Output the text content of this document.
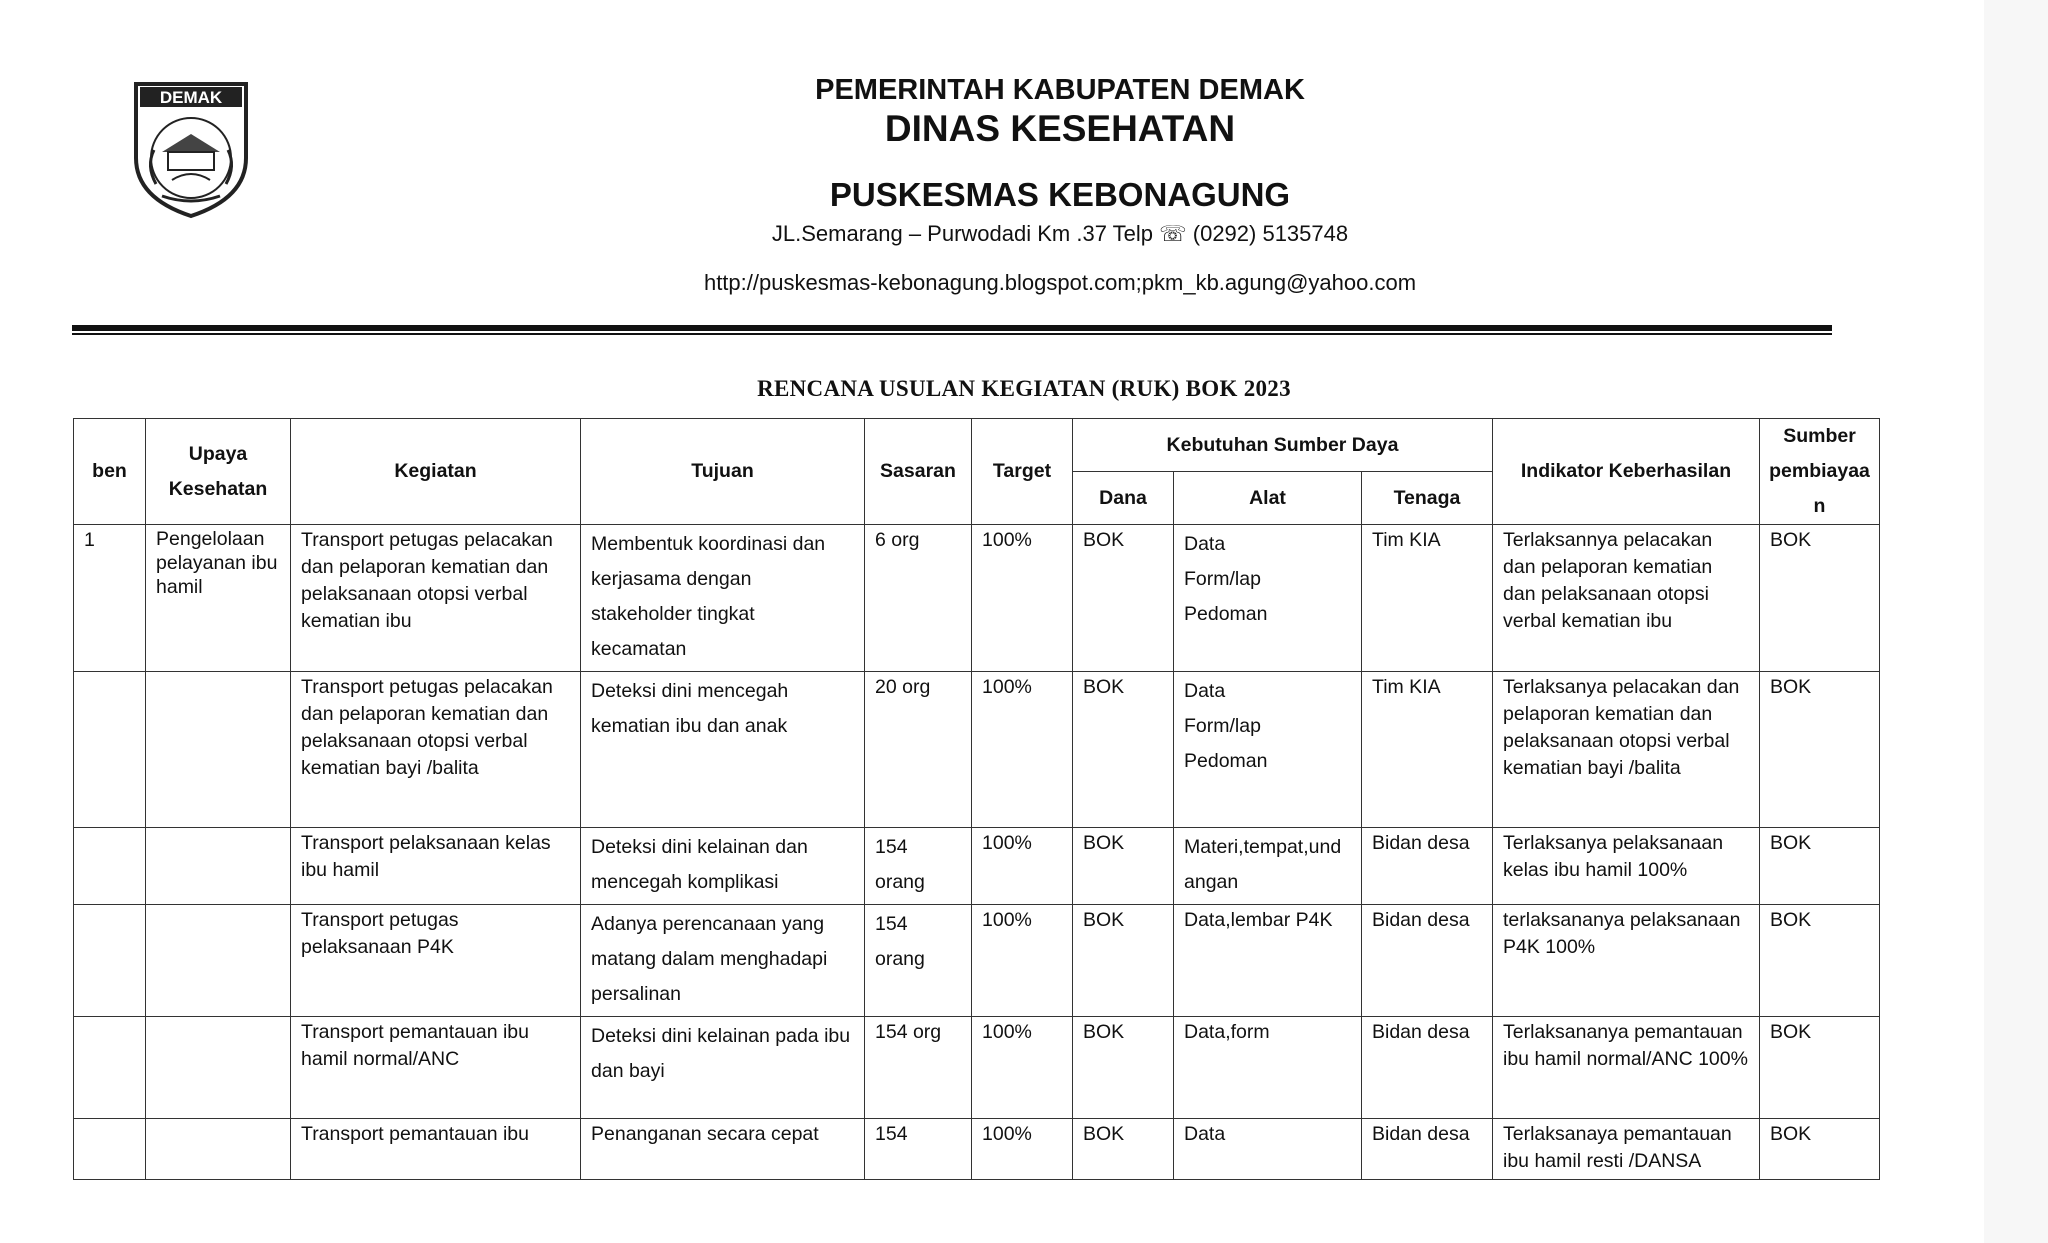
DEMAK	PEMERINTAH KABUPATEN DEMAK
DINAS KESEHATAN
PUSKESMAS KEBONAGUNG
JL.Semarang – Purwodadi Km .37 Telp ☏ (0292) 5135748
http://puskesmas-kebonagung.blogspot.com;pkm_kb.agung@yahoo.com
RENCANA USULAN KEGIATAN (RUK) BOK 2023
ben	Upaya Kesehatan	Kegiatan	Tujuan	Sasaran	Target	Kebutuhan Sumber Daya			Indikator Keberhasilan	Sumber pembiayaa n
						Dana	Alat	Tenaga		
1	Pengelolaan pelayanan ibu hamil	Transport petugas pelacakan dan pelaporan kematian dan pelaksanaan otopsi verbal kematian ibu	Membentuk koordinasi dan kerjasama dengan stakeholder tingkat kecamatan	6 org	100%	BOK	Data Form/lap Pedoman	Tim KIA	Terlaksannya pelacakan dan pelaporan kematian dan pelaksanaan otopsi verbal kematian ibu	BOK
		Transport petugas pelacakan dan pelaporan kematian dan pelaksanaan otopsi verbal kematian bayi /balita	Deteksi dini mencegah kematian ibu dan anak	20 org	100%	BOK	Data Form/lap Pedoman	Tim KIA	Terlaksanya pelacakan dan pelaporan kematian dan pelaksanaan otopsi verbal kematian bayi /balita	BOK
		Transport pelaksanaan kelas ibu hamil	Deteksi dini kelainan dan mencegah komplikasi	154 orang	100%	BOK	Materi,tempat,und angan	Bidan desa	Terlaksanya pelaksanaan kelas ibu hamil 100%	BOK
		Transport petugas pelaksanaan P4K	Adanya perencanaan yang matang dalam menghadapi persalinan	154 orang	100%	BOK	Data,lembar P4K	Bidan desa	terlaksananya pelaksanaan P4K 100%	BOK
		Transport pemantauan ibu hamil normal/ANC	Deteksi dini kelainan pada ibu dan bayi	154 org	100%	BOK	Data,form	Bidan desa	Terlaksananya pemantauan ibu hamil normal/ANC 100%	BOK
		Transport pemantauan ibu	Penanganan secara cepat	154	100%	BOK	Data	Bidan desa	Terlaksanaya pemantauan ibu hamil resti /DANSA	BOK
